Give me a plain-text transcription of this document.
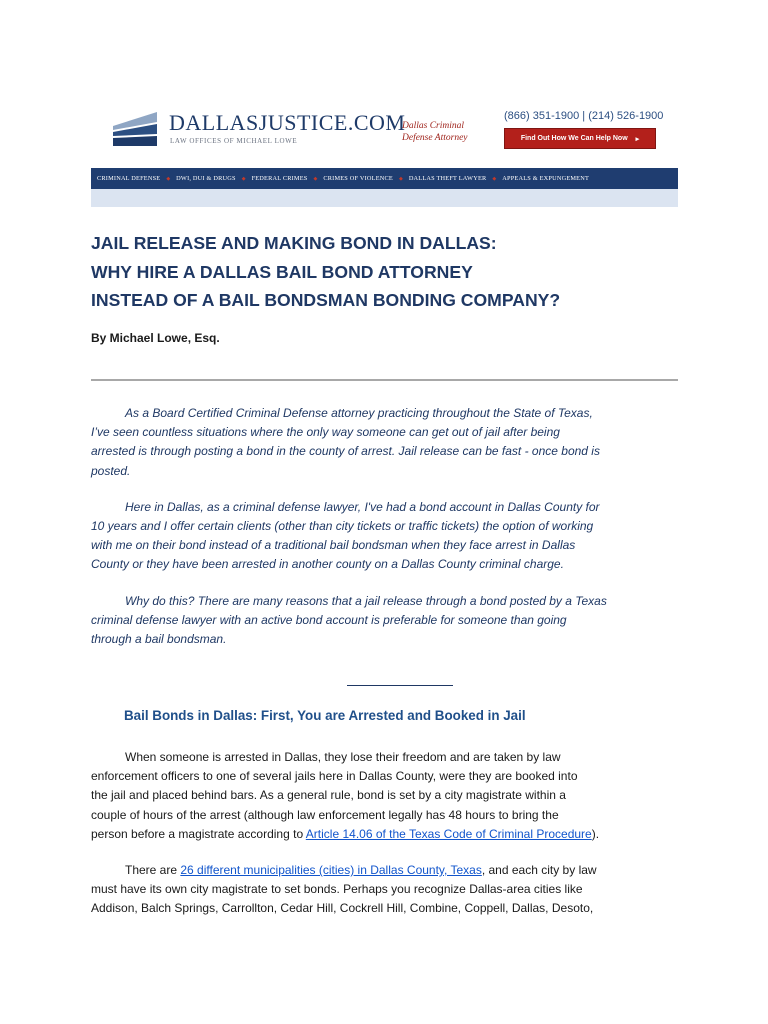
DALLASJUSTICE.COM
LAW OFFICES OF MICHAEL LOWE
Dallas Criminal
Defense Attorney
(866) 351-1900 | (214) 526-1900
Find Out How We Can Help Now ▸
CRIMINAL DEFENSE ◆ DWI, DUI & DRUGS ◆ FEDERAL CRIMES ◆ CRIMES OF VIOLENCE ◆ DALLAS THEFT LAWYER ◆ APPEALS & EXPUNGEMENT
JAIL RELEASE AND MAKING BOND IN DALLAS:
WHY HIRE A DALLAS BAIL BOND ATTORNEY
INSTEAD OF A BAIL BONDSMAN BONDING COMPANY?
By Michael Lowe, Esq.

As a Board Certified Criminal Defense attorney practicing throughout the State of Texas,
I’ve seen countless situations where the only way someone can get out of jail after being
arrested is through posting a bond in the county of arrest. Jail release can be fast - once bond is
posted.

Here in Dallas, as a criminal defense lawyer, I've had a bond account in Dallas County for
10 years and I offer certain clients (other than city tickets or traffic tickets) the option of working
with me on their bond instead of a traditional bail bondsman when they face arrest in Dallas
County or they have been arrested in another county on a Dallas County criminal charge.

Why do this? There are many reasons that a jail release through a bond posted by a Texas
criminal defense lawyer with an active bond account is preferable for someone than going
through a bail bondsman.

Bail Bonds in Dallas: First, You are Arrested and Booked in Jail

When someone is arrested in Dallas, they lose their freedom and are taken by law
enforcement officers to one of several jails here in Dallas County, were they are booked into
the jail and placed behind bars. As a general rule, bond is set by a city magistrate within a
couple of hours of the arrest (although law enforcement legally has 48 hours to bring the
person before a magistrate according to Article 14.06 of the Texas Code of Criminal Procedure).

There are 26 different municipalities (cities) in Dallas County, Texas, and each city by law
must have its own city magistrate to set bonds. Perhaps you recognize Dallas-area cities like
Addison, Balch Springs, Carrollton, Cedar Hill, Cockrell Hill, Combine, Coppell, Dallas, Desoto,
